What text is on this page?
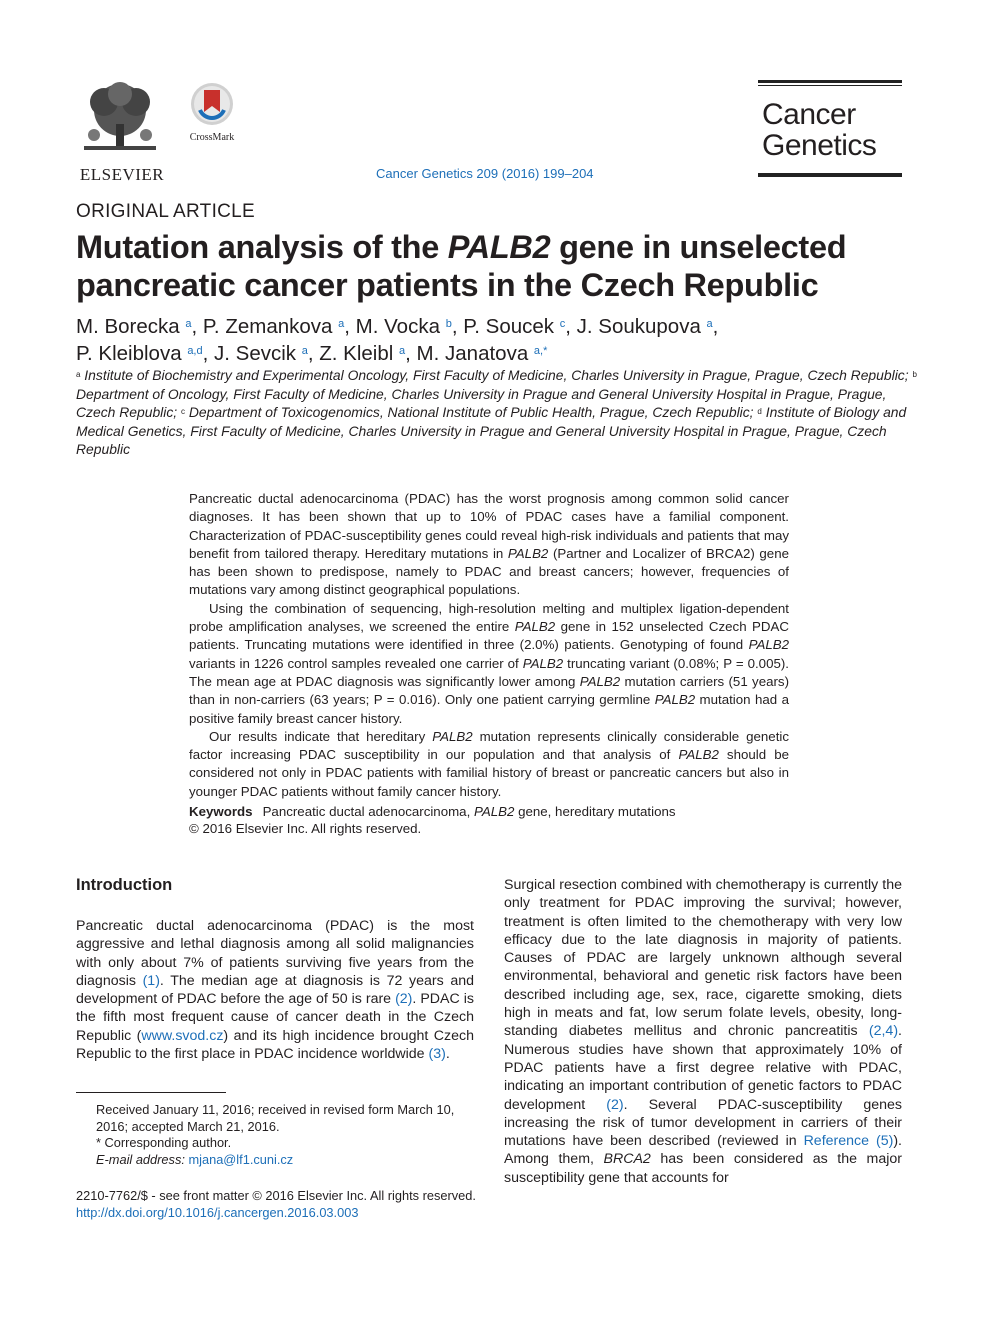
ELSEVIER
CrossMark
Cancer Genetics 209 (2016) 199–204
Cancer
Genetics
ORIGINAL ARTICLE
Mutation analysis of the PALB2 gene in unselected pancreatic cancer patients in the Czech Republic
M. Borecka $^a$, P. Zemankova $^a$, M. Vocka $^b$, P. Soucek $^c$, J. Soukupova $^a$,
P. Kleiblova $^{a,d}$, J. Sevcik $^a$, Z. Kleibl $^a$, M. Janatova $^{a,*}$
$^a$ Institute of Biochemistry and Experimental Oncology, First Faculty of Medicine, Charles University in Prague, Prague, Czech Republic; $^b$ Department of Oncology, First Faculty of Medicine, Charles University in Prague and General University Hospital in Prague, Prague, Czech Republic; $^c$ Department of Toxicogenomics, National Institute of Public Health, Prague, Czech Republic; $^d$ Institute of Biology and Medical Genetics, First Faculty of Medicine, Charles University in Prague and General University Hospital in Prague, Prague, Czech Republic

Pancreatic ductal adenocarcinoma (PDAC) has the worst prognosis among common solid cancer diagnoses. It has been shown that up to 10% of PDAC cases have a familial component. Characterization of PDAC-susceptibility genes could reveal high-risk individuals and patients that may benefit from tailored therapy. Hereditary mutations in PALB2 (Partner and Localizer of BRCA2) gene has been shown to predispose, namely to PDAC and breast cancers; however, frequencies of mutations vary among distinct geographical populations.

Using the combination of sequencing, high-resolution melting and multiplex ligation-dependent probe amplification analyses, we screened the entire PALB2 gene in 152 unselected Czech PDAC patients. Truncating mutations were identified in three (2.0%) patients. Genotyping of found PALB2 variants in 1226 control samples revealed one carrier of PALB2 truncating variant (0.08%; P = 0.005). The mean age at PDAC diagnosis was significantly lower among PALB2 mutation carriers (51 years) than in non-carriers (63 years; P = 0.016). Only one patient carrying germline PALB2 mutation had a positive family breast cancer history.

Our results indicate that hereditary PALB2 mutation represents clinically considerable genetic factor increasing PDAC susceptibility in our population and that analysis of PALB2 should be considered not only in PDAC patients with familial history of breast or pancreatic cancers but also in younger PDAC patients without family cancer history.

Keywords Pancreatic ductal adenocarcinoma, PALB2 gene, hereditary mutations
© 2016 Elsevier Inc. All rights reserved.
Introduction

Pancreatic ductal adenocarcinoma (PDAC) is the most aggressive and lethal diagnosis among all solid malignancies with only about 7% of patients surviving five years from the diagnosis (1). The median age at diagnosis is 72 years and development of PDAC before the age of 50 is rare (2). PDAC is the fifth most frequent cause of cancer death in the Czech Republic (www.svod.cz) and its high incidence brought Czech Republic to the first place in PDAC incidence worldwide (3).

Surgical resection combined with chemotherapy is currently the only treatment for PDAC improving the survival; however, treatment is often limited to the chemotherapy with very low efficacy due to the late diagnosis in majority of patients. Causes of PDAC are largely unknown although several environmental, behavioral and genetic risk factors have been described including age, sex, race, cigarette smoking, diets high in meats and fat, low serum folate levels, obesity, long-standing diabetes mellitus and chronic pancreatitis (2,4). Numerous studies have shown that approximately 10% of PDAC patients have a first degree relative with PDAC, indicating an important contribution of genetic factors to PDAC development (2). Several PDAC-susceptibility genes increasing the risk of tumor development in carriers of their mutations have been described (reviewed in Reference (5)). Among them, BRCA2 has been considered as the major susceptibility gene that accounts for

Received January 11, 2016; received in revised form March 10, 2016; accepted March 21, 2016.
* Corresponding author.
E-mail address: mjana@lf1.cuni.cz
2210-7762/$ - see front matter © 2016 Elsevier Inc. All rights reserved.
http://dx.doi.org/10.1016/j.cancergen.2016.03.003
